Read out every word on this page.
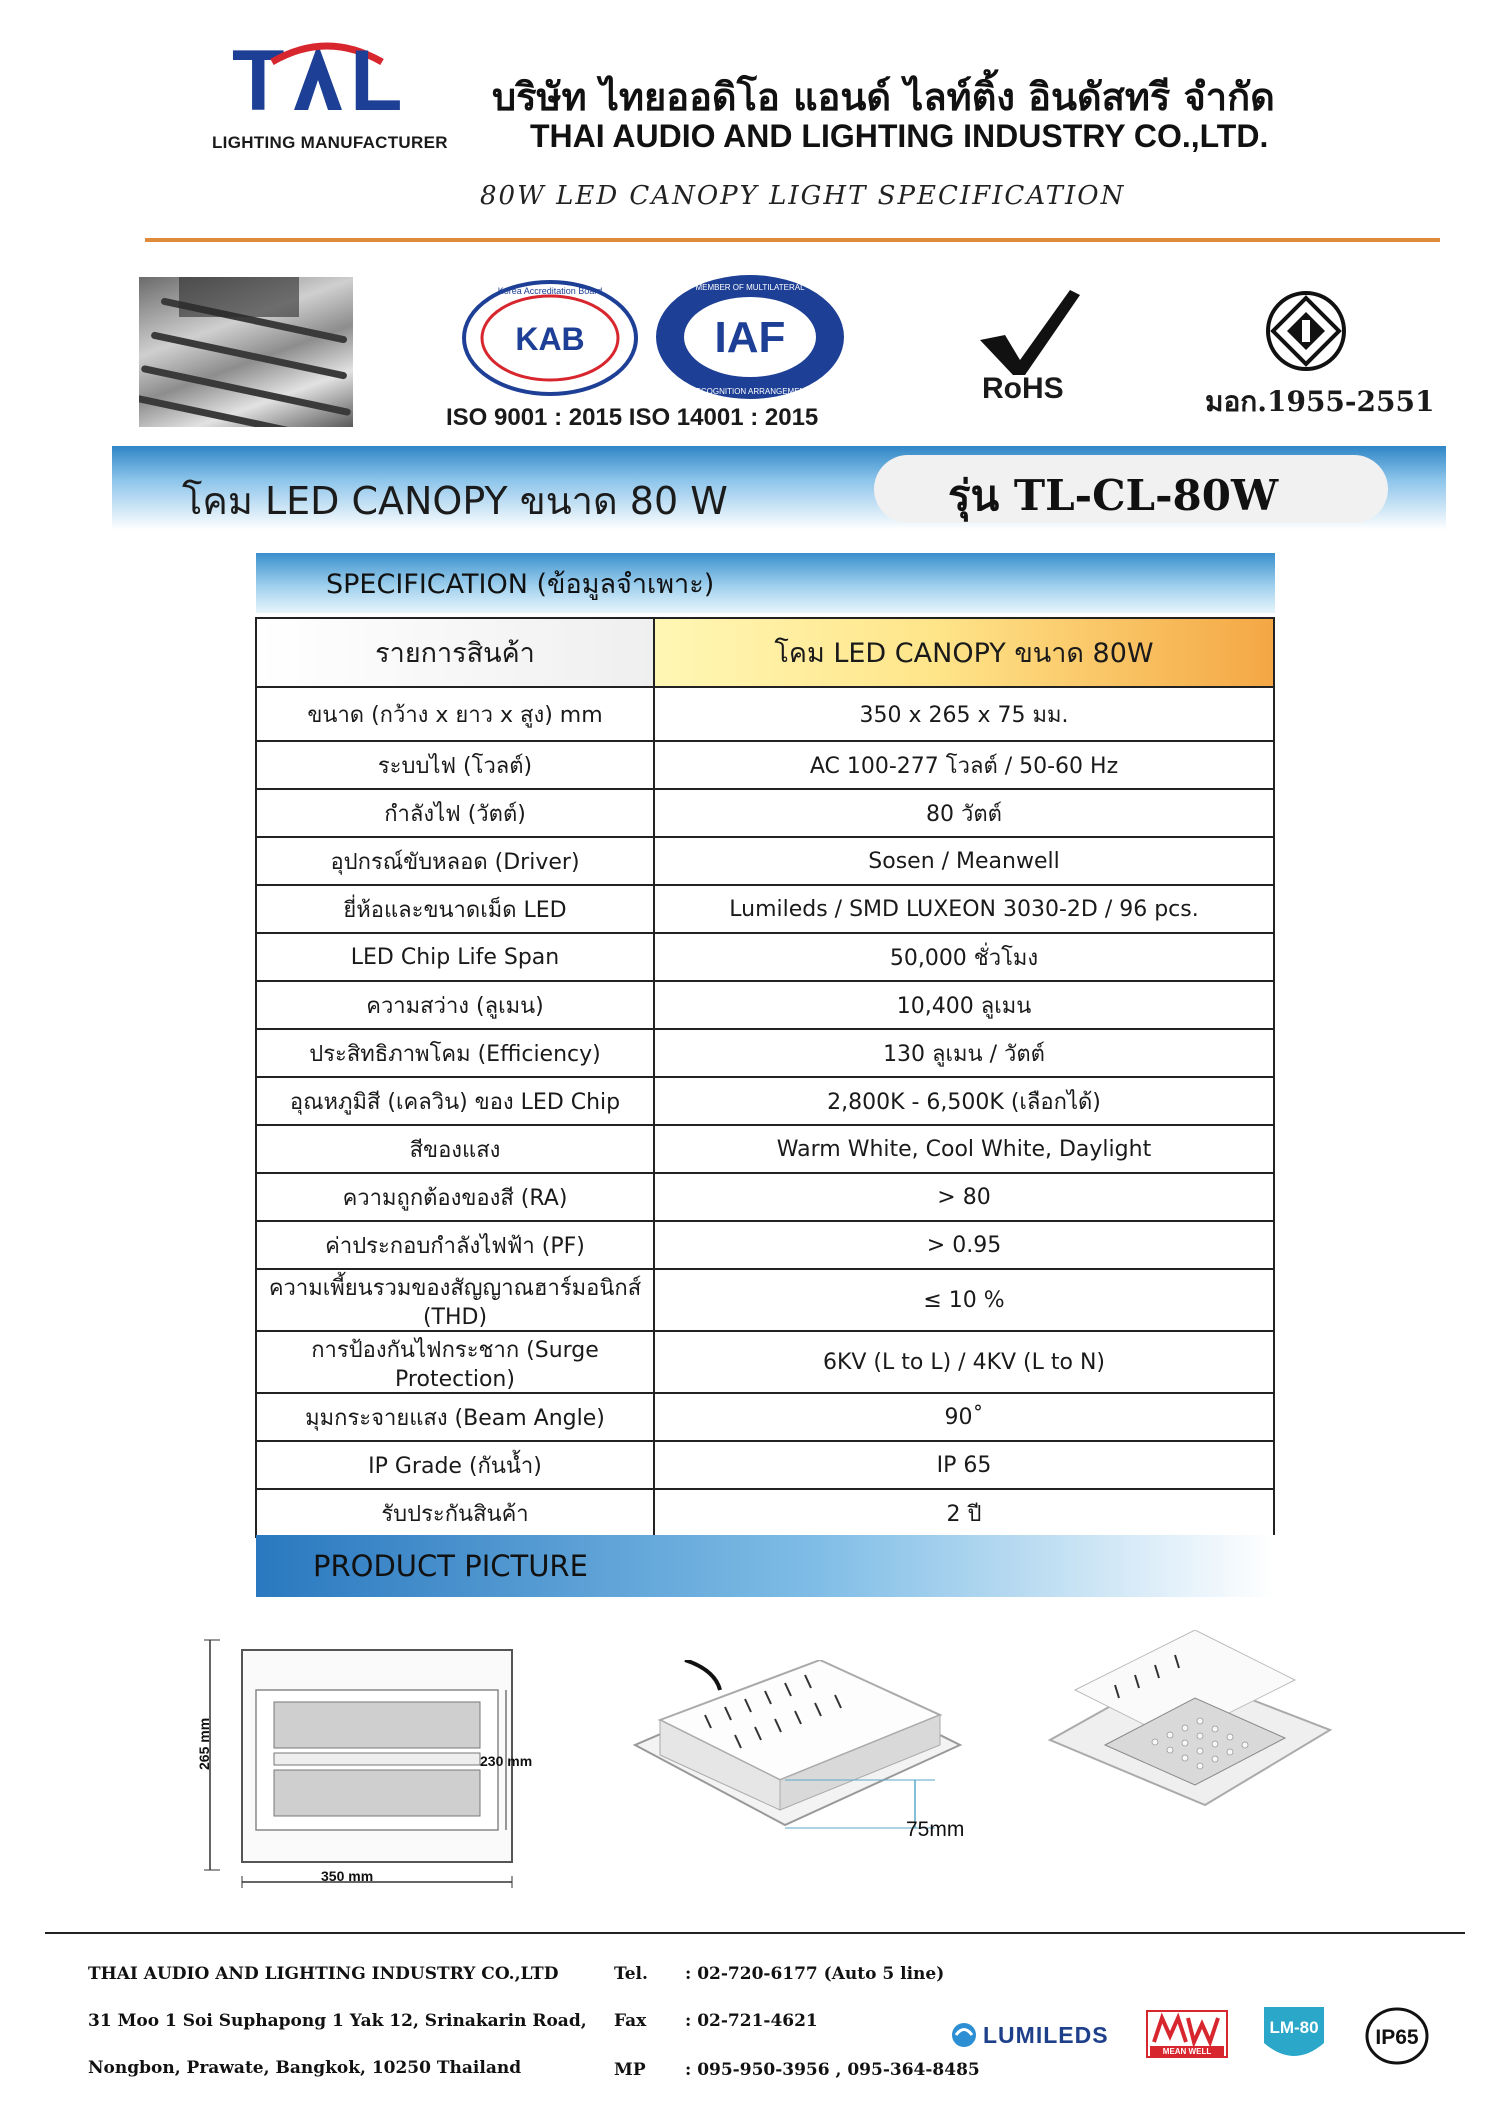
T L
LIGHTING MANUFACTURER
บริษัท ไทยออดิโอ แอนด์ ไลท์ติ้ง อินดัสทรี จำกัด
THAI AUDIO AND LIGHTING INDUSTRY CO.,LTD.
80W LED CANOPY LIGHT SPECIFICATION
KAB
Korea Accreditation Board
IAF
MEMBER OF MULTILATERAL
RECOGNITION ARRANGEMENT
ISO 9001 : 2015 ISO 14001 : 2015
RoHS	มอก.1955-2551
โคม LED CANOPY ขนาด 80 W	รุ่น TL-CL-80W
SPECIFICATION (ข้อมูลจำเพาะ)
รายการสินค้า	โคม LED CANOPY ขนาด 80W
ขนาด (กว้าง x ยาว x สูง) mm	350 x 265 x 75 มม.
ระบบไฟ (โวลต์)	AC 100-277 โวลต์ / 50-60 Hz
กำลังไฟ (วัตต์)	80 วัตต์
อุปกรณ์ขับหลอด (Driver)	Sosen / Meanwell
ยี่ห้อและขนาดเม็ด LED	Lumileds / SMD LUXEON 3030-2D / 96 pcs.
LED Chip Life Span	50,000 ชั่วโมง
ความสว่าง (ลูเมน)	10,400 ลูเมน
ประสิทธิภาพโคม (Efficiency)	130 ลูเมน / วัตต์
อุณหภูมิสี (เคลวิน) ของ LED Chip	2,800K - 6,500K (เลือกได้)
สีของแสง	Warm White, Cool White, Daylight
ความถูกต้องของสี (RA)	> 80
ค่าประกอบกำลังไฟฟ้า (PF)	> 0.95
ความเพี้ยนรวมของสัญญาณฮาร์มอนิกส์ (THD)	≤ 10 %
การป้องกันไฟกระชาก (Surge Protection)	6KV (L to L) / 4KV (L to N)
มุมกระจายแสง (Beam Angle)	90˚
IP Grade (กันน้ำ)	IP 65
รับประกันสินค้า	2 ปี
PRODUCT PICTURE
350 mm
265 mm	230 mm
75mm
THAI AUDIO AND LIGHTING INDUSTRY CO.,LTD
31 Moo 1 Soi Suphapong 1 Yak 12, Srinakarin Road,
Nongbon, Prawate, Bangkok, 10250 Thailand
Tel. : 02-720-6177 (Auto 5 line)
Fax : 02-721-4621
MP : 095-950-3956 , 095-364-8485
LUMILEDS
MEAN WELL
LM-80	IP65
